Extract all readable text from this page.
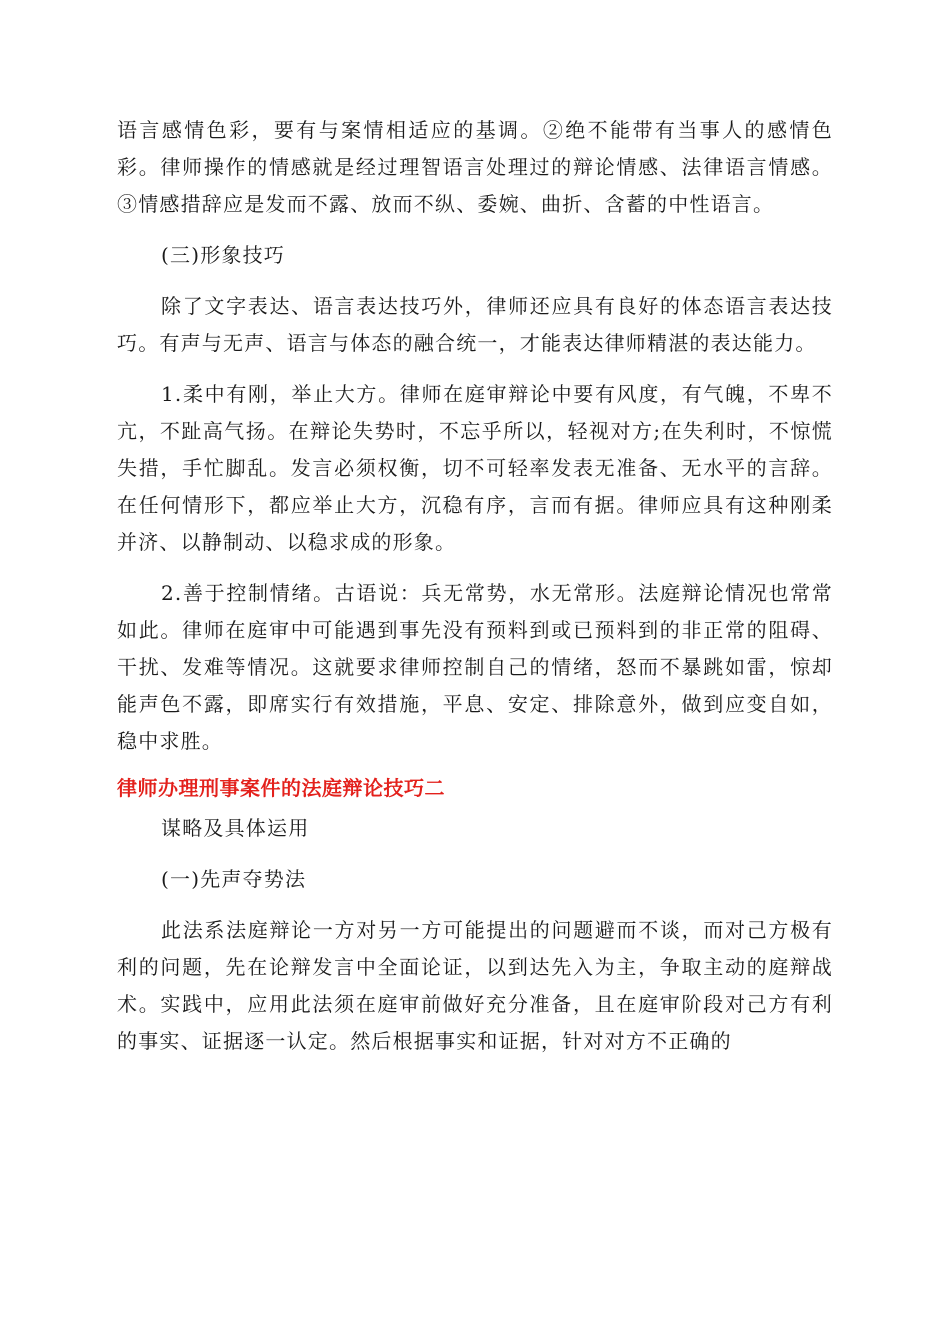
语言感情色彩，要有与案情相适应的基调。②绝不能带有当事人的感情色彩。律师操作的情感就是经过理智语言处理过的辩论情感、法律语言情感。③情感措辞应是发而不露、放而不纵、委婉、曲折、含蓄的中性语言。

(三)形象技巧

除了文字表达、语言表达技巧外，律师还应具有良好的体态语言表达技巧。有声与无声、语言与体态的融合统一，才能表达律师精湛的表达能力。

1.柔中有刚，举止大方。律师在庭审辩论中要有风度，有气魄，不卑不亢，不趾高气扬。在辩论失势时，不忘乎所以，轻视对方;在失利时，不惊慌失措，手忙脚乱。发言必须权衡，切不可轻率发表无准备、无水平的言辞。在任何情形下，都应举止大方，沉稳有序，言而有据。律师应具有这种刚柔并济、以静制动、以稳求成的形象。

2.善于控制情绪。古语说：兵无常势，水无常形。法庭辩论情况也常常如此。律师在庭审中可能遇到事先没有预料到或已预料到的非正常的阻碍、干扰、发难等情况。这就要求律师控制自己的情绪，怒而不暴跳如雷，惊却能声色不露，即席实行有效措施，平息、安定、排除意外，做到应变自如，稳中求胜。

律师办理刑事案件的法庭辩论技巧二

谋略及具体运用

(一)先声夺势法

此法系法庭辩论一方对另一方可能提出的问题避而不谈，而对己方极有利的问题，先在论辩发言中全面论证，以到达先入为主，争取主动的庭辩战术。实践中，应用此法须在庭审前做好充分准备，且在庭审阶段对己方有利的事实、证据逐一认定。然后根据事实和证据，针对对方不正确的
